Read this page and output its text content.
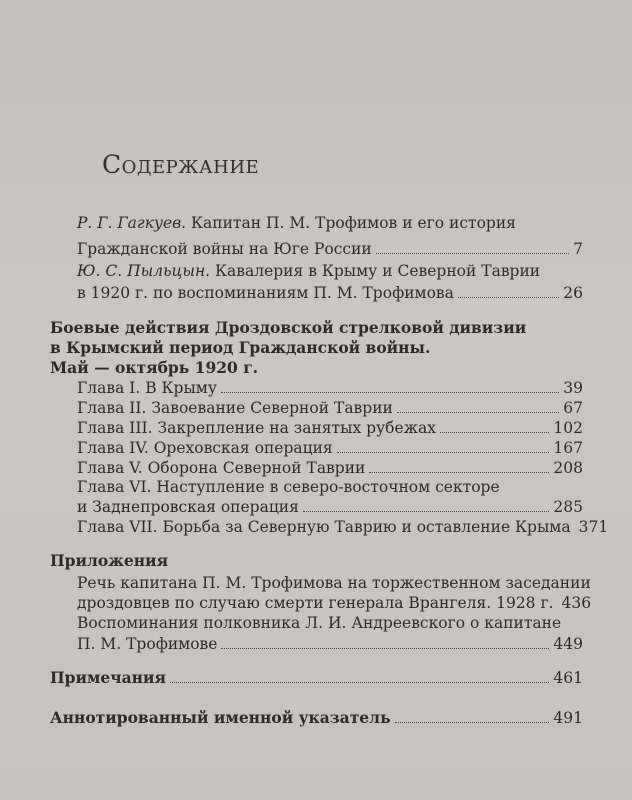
Содержание
Р. Г. Гагкуев. Капитан П. М. Трофимов и его история
Гражданской войны на Юге России	7
Ю. С. Пыльцын. Кавалерия в Крыму и Северной Таврии
в 1920 г. по воспоминаниям П. М. Трофимова	26
Боевые действия Дроздовской стрелковой дивизии
в Крымский период Гражданской войны.
Май — октябрь 1920 г.
Глава I. В Крыму	39
Глава II. Завоевание Северной Таврии	67
Глава III. Закрепление на занятых рубежах	102
Глава IV. Ореховская операция	167
Глава V. Оборона Северной Таврии	208
Глава VI. Наступление в северо-восточном секторе
и Заднепровская операция	285
Глава VII. Борьба за Северную Таврию и оставление Крыма 371
Приложения
Речь капитана П. М. Трофимова на торжественном заседании
дроздовцев по случаю смерти генерала Врангеля. 1928 г. 436
Воспоминания полковника Л. И. Андреевского о капитане
П. М. Трофимове	449
Примечания	461
Аннотированный именной указатель	491
